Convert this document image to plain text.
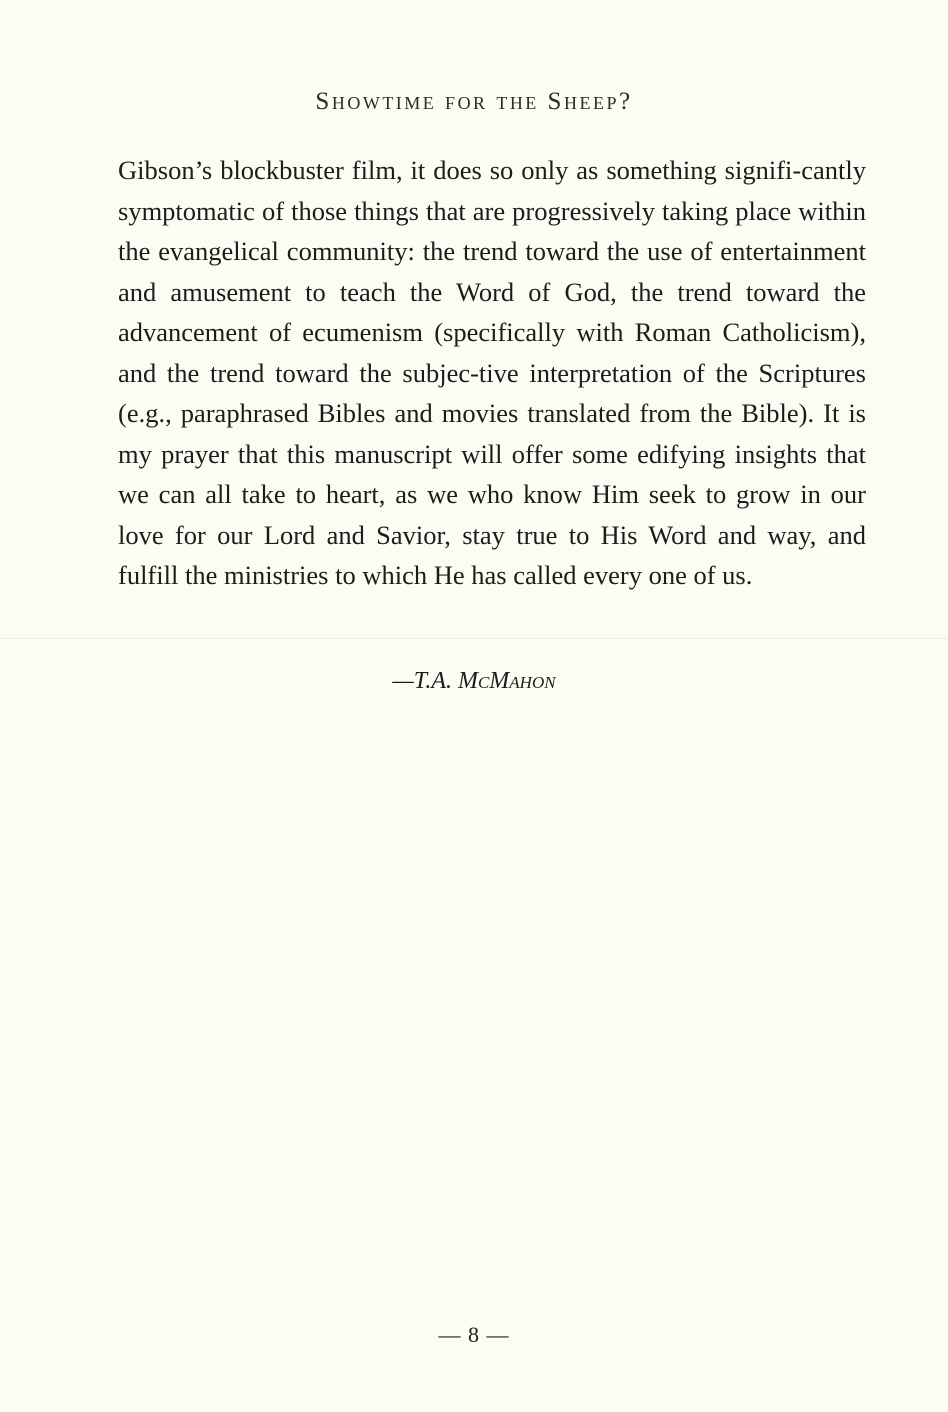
Showtime for the Sheep?

Gibson’s blockbuster film, it does so only as something signifi-cantly symptomatic of those things that are progressively taking place within the evangelical community: the trend toward the use of entertainment and amusement to teach the Word of God, the trend toward the advancement of ecumenism (specifically with Roman Catholicism), and the trend toward the subjec-tive interpretation of the Scriptures (e.g., paraphrased Bibles and movies translated from the Bible). It is my prayer that this manuscript will offer some edifying insights that we can all take to heart, as we who know Him seek to grow in our love for our Lord and Savior, stay true to His Word and way, and fulfill the ministries to which He has called every one of us.

—T.A. McMahon
— 8 —
